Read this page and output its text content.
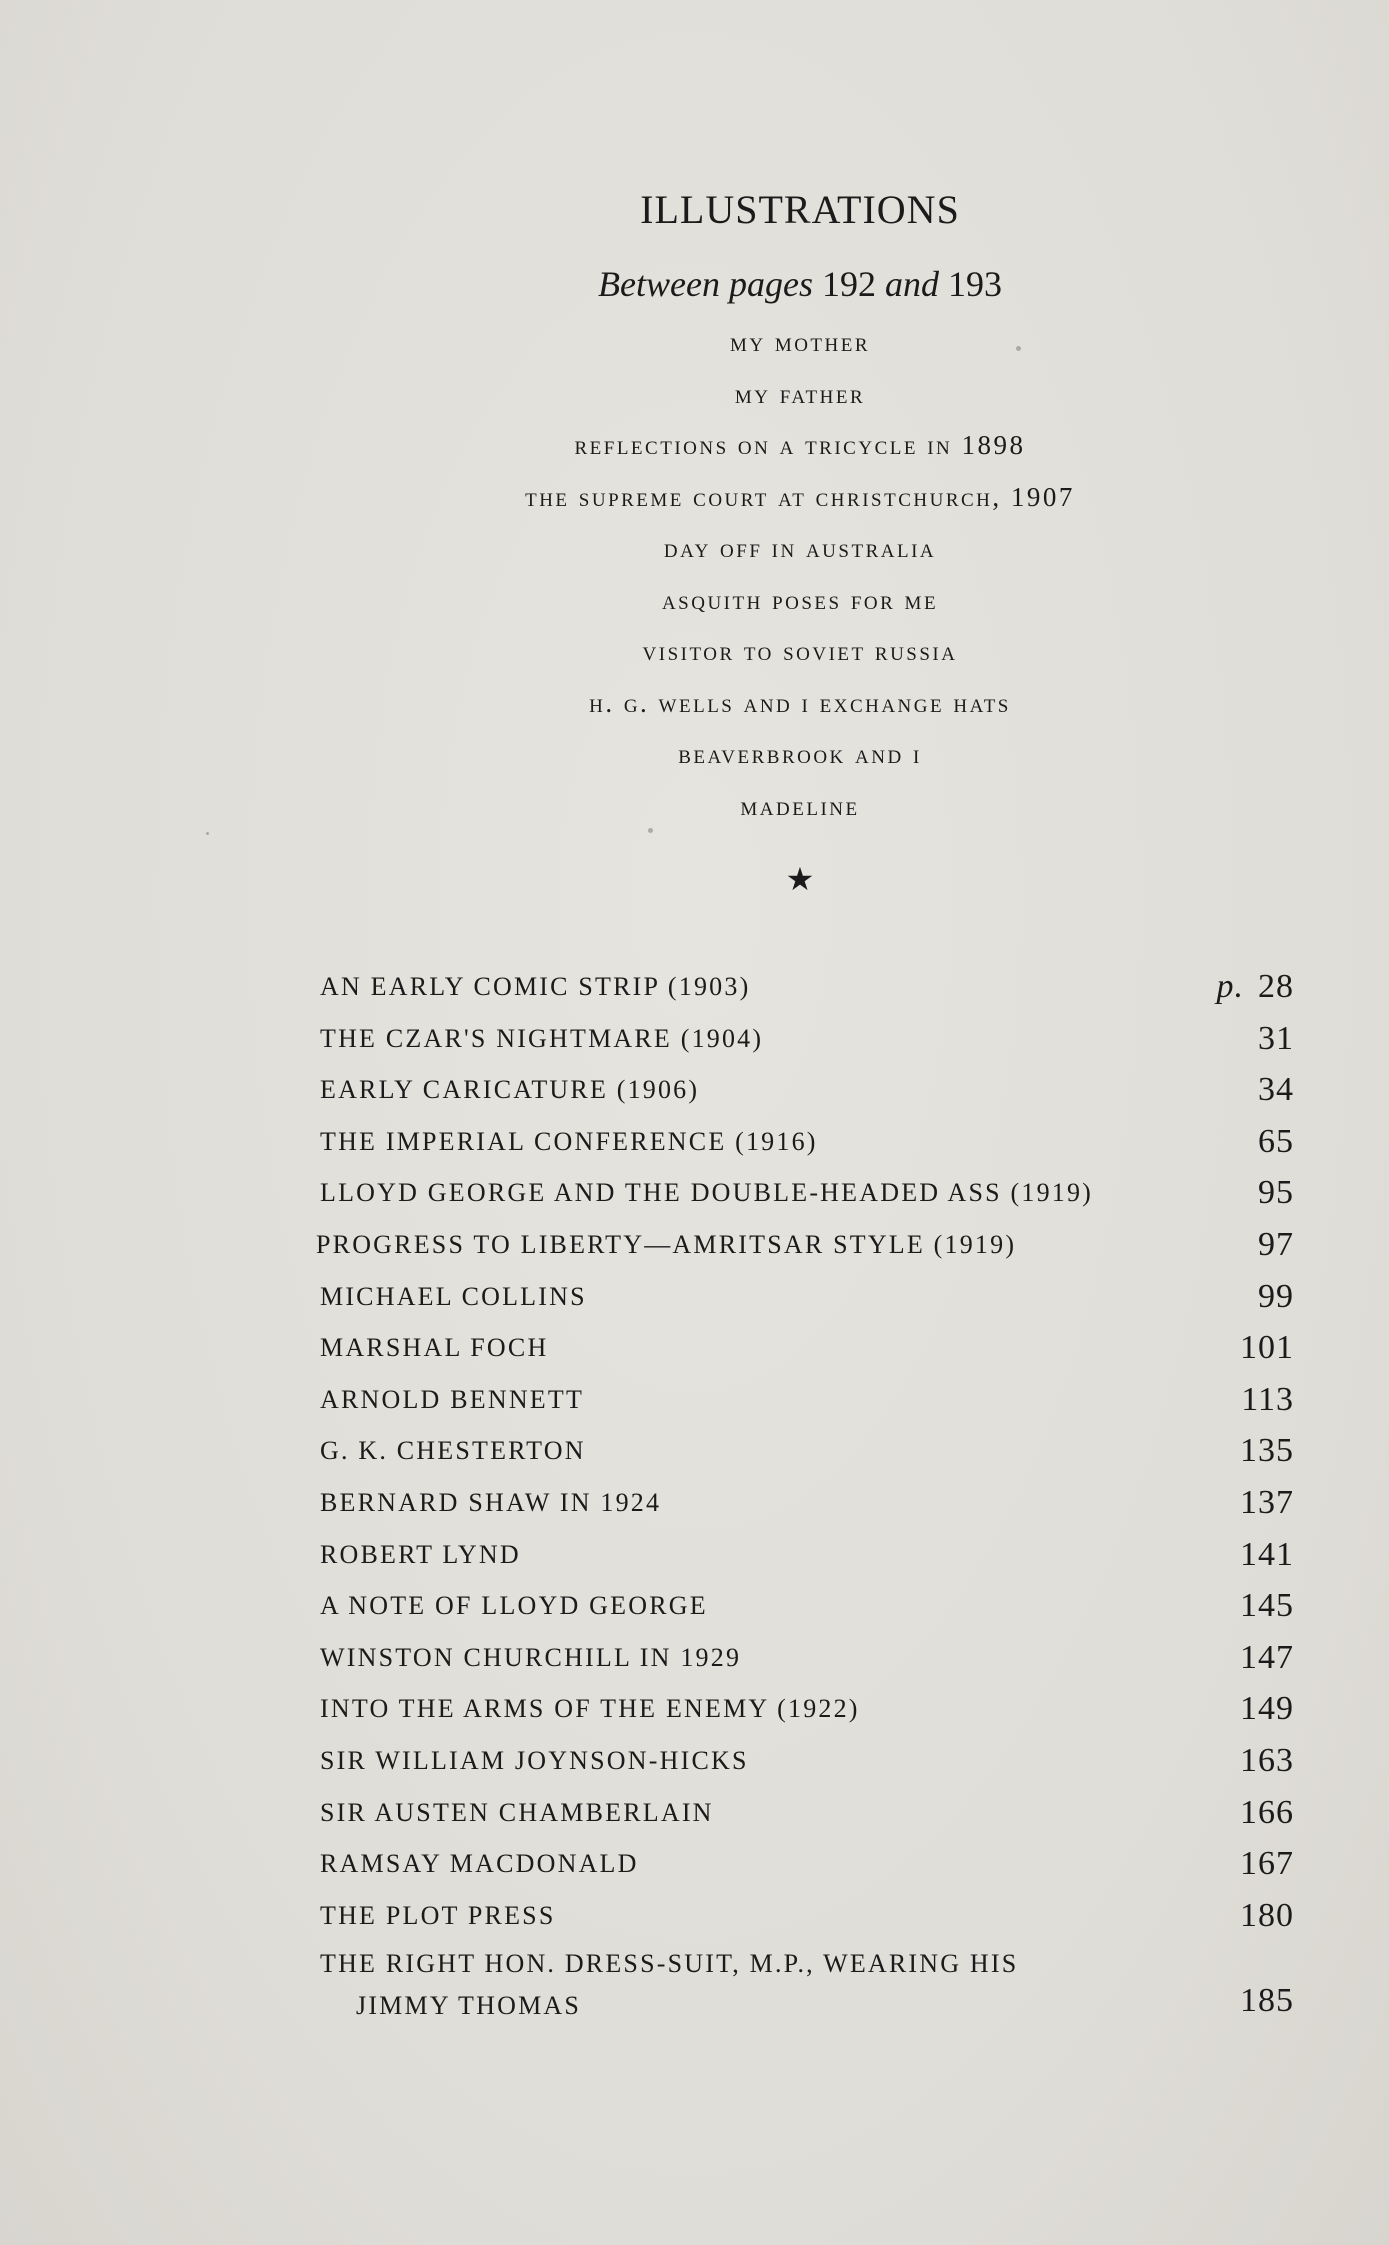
ILLUSTRATIONS
Between pages 192 and 193
my mother
my father
reflections on a tricycle in 1898
the supreme court at christchurch, 1907
day off in australia
asquith poses for me
visitor to soviet russia
h. g. wells and i exchange hats
beaverbrook and i
madeline
★
AN EARLY COMIC STRIP (1903)	p. 28
THE CZAR'S NIGHTMARE (1904)	31
EARLY CARICATURE (1906)	34
THE IMPERIAL CONFERENCE (1916)	65
LLOYD GEORGE AND THE DOUBLE-HEADED ASS (1919)	95
PROGRESS TO LIBERTY—AMRITSAR STYLE (1919)	97
MICHAEL COLLINS	99
MARSHAL FOCH	101
ARNOLD BENNETT	113
G. K. CHESTERTON	135
BERNARD SHAW IN 1924	137
ROBERT LYND	141
A NOTE OF LLOYD GEORGE	145
WINSTON CHURCHILL IN 1929	147
INTO THE ARMS OF THE ENEMY (1922)	149
SIR WILLIAM JOYNSON-HICKS	163
SIR AUSTEN CHAMBERLAIN	166
RAMSAY MACDONALD	167
THE PLOT PRESS	180
THE RIGHT HON. DRESS-SUIT, M.P., WEARING HIS
JIMMY THOMAS	185
